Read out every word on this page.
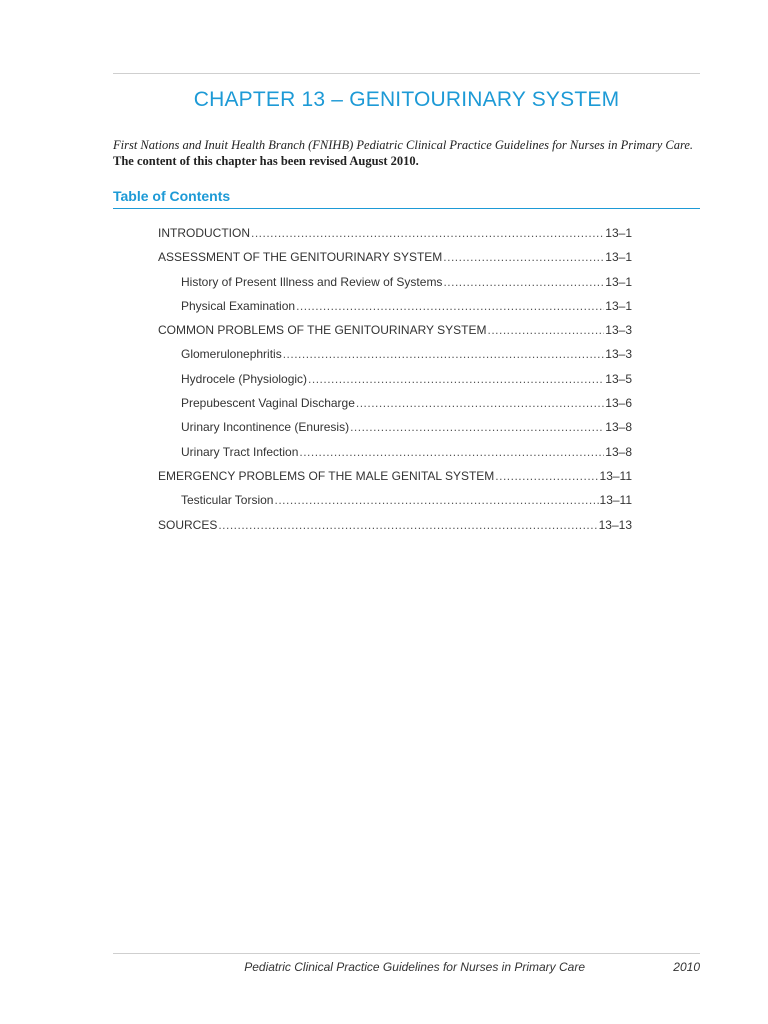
CHAPTER 13 – GENITOURINARY SYSTEM
First Nations and Inuit Health Branch (FNIHB) Pediatric Clinical Practice Guidelines for Nurses in Primary Care.
The content of this chapter has been revised August 2010.
Table of Contents
INTRODUCTION .....	13–1
ASSESSMENT OF THE GENITOURINARY SYSTEM .....	13–1
History of Present Illness and Review of Systems .....	13–1
Physical Examination .....	13–1
COMMON PROBLEMS OF THE GENITOURINARY SYSTEM .....	13–3
Glomerulonephritis .....	13–3
Hydrocele (Physiologic) .....	13–5
Prepubescent Vaginal Discharge .....	13–6
Urinary Incontinence (Enuresis) .....	13–8
Urinary Tract Infection .....	13–8
EMERGENCY PROBLEMS OF THE MALE GENITAL SYSTEM .....	13–11
Testicular Torsion .....	13–11
SOURCES .....	13–13
Pediatric Clinical Practice Guidelines for Nurses in Primary Care	2010
